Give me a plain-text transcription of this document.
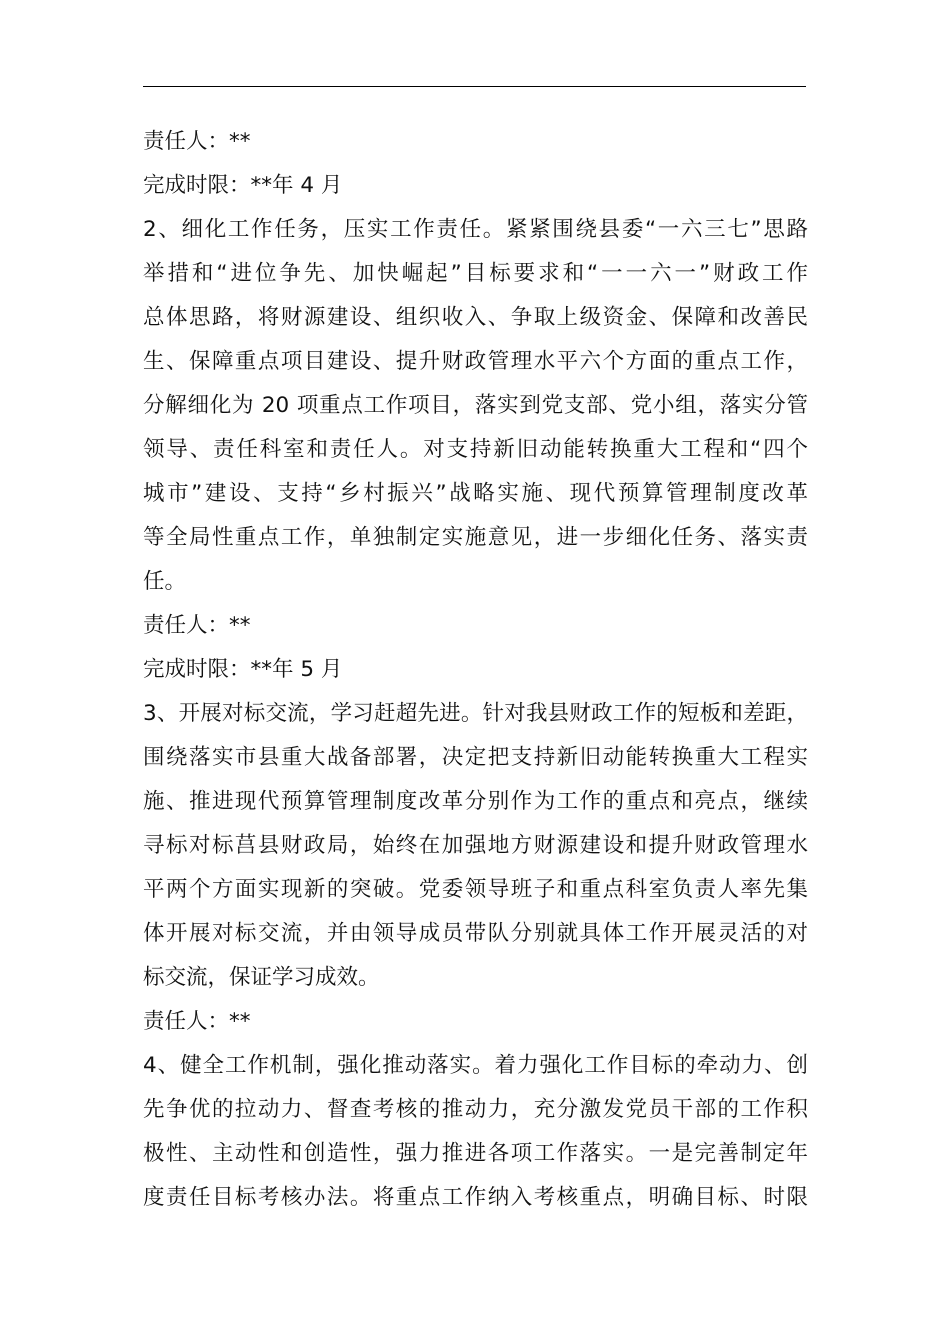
责任人：**
完成时限：**年 4 月
2、细化工作任务，压实工作责任。紧紧围绕县委“一六三七”思路
举措和“进位争先、加快崛起”目标要求和“一一六一”财政工作
总体思路，将财源建设、组织收入、争取上级资金、保障和改善民
生、保障重点项目建设、提升财政管理水平六个方面的重点工作，
分解细化为 20 项重点工作项目，落实到党支部、党小组，落实分管
领导、责任科室和责任人。对支持新旧动能转换重大工程和“四个
城市”建设、支持“乡村振兴”战略实施、现代预算管理制度改革
等全局性重点工作，单独制定实施意见，进一步细化任务、落实责
任。
责任人：**
完成时限：**年 5 月
3、开展对标交流，学习赶超先进。针对我县财政工作的短板和差距，
围绕落实市县重大战备部署，决定把支持新旧动能转换重大工程实
施、推进现代预算管理制度改革分别作为工作的重点和亮点，继续
寻标对标莒县财政局，始终在加强地方财源建设和提升财政管理水
平两个方面实现新的突破。党委领导班子和重点科室负责人率先集
体开展对标交流，并由领导成员带队分别就具体工作开展灵活的对
标交流，保证学习成效。
责任人：**
4、健全工作机制，强化推动落实。着力强化工作目标的牵动力、创
先争优的拉动力、督查考核的推动力，充分激发党员干部的工作积
极性、主动性和创造性，强力推进各项工作落实。一是完善制定年
度责任目标考核办法。将重点工作纳入考核重点，明确目标、时限
